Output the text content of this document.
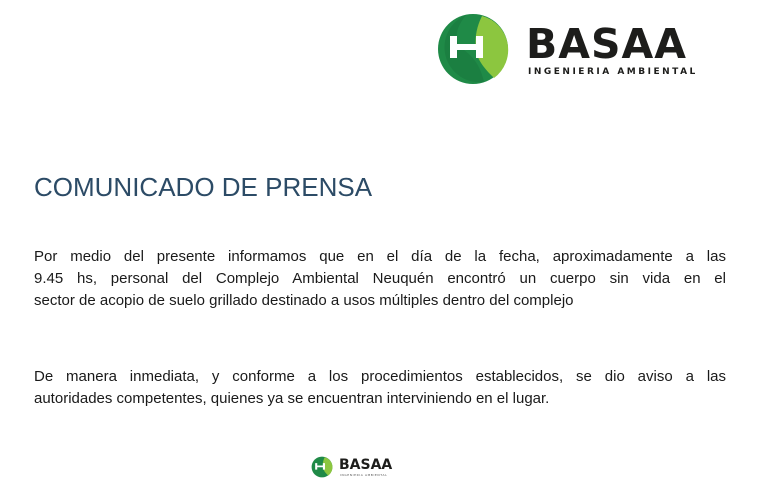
BASAA
INGENIERIA AMBIENTAL
COMUNICADO DE PRENSA

Por medio del presente informamos que en el día de la fecha, aproximadamente a las
9.45 hs, personal del Complejo Ambiental Neuquén encontró un cuerpo sin vida en el
sector de acopio de suelo grillado destinado a usos múltiples dentro del complejo

De manera inmediata, y conforme a los procedimientos establecidos, se dio aviso a las
autoridades competentes, quienes ya se encuentran interviniendo en el lugar.

BASAA
INGENIERIA AMBIENTAL
